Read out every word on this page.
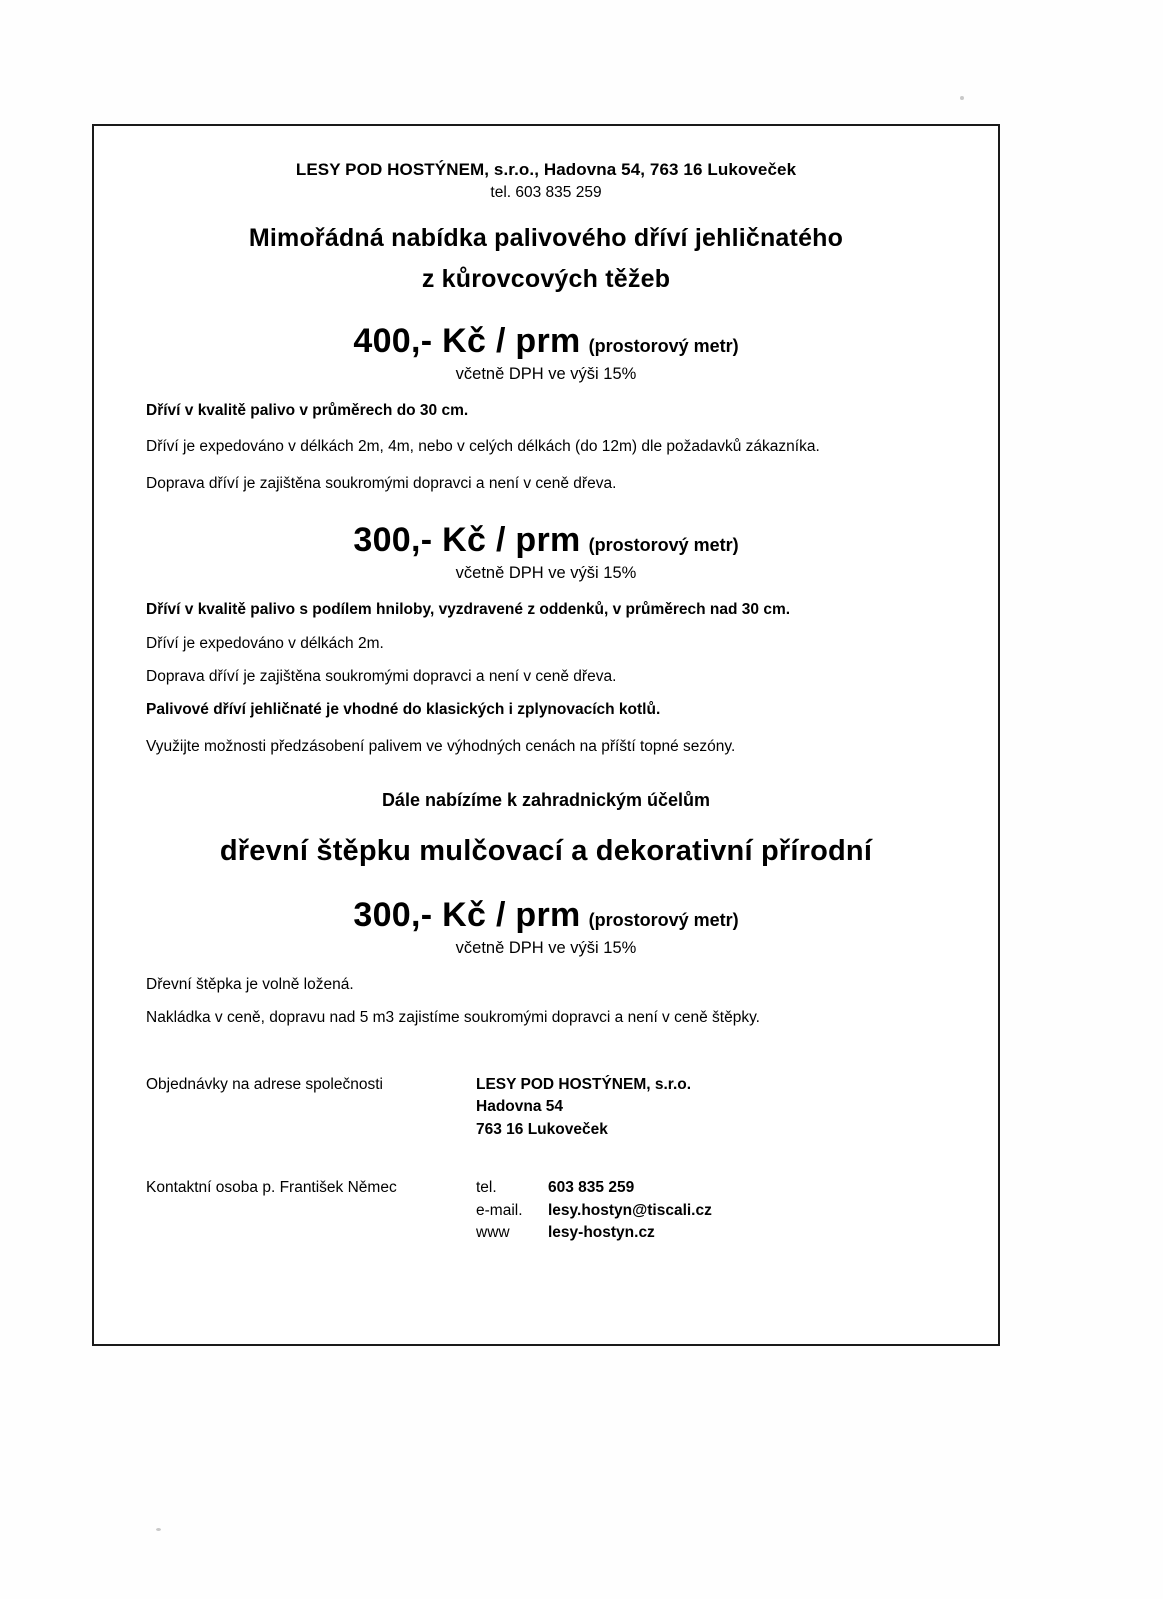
LESY POD HOSTÝNEM, s.r.o., Hadovna 54, 763 16 Lukoveček
tel. 603 835 259
Mimořádná nabídka palivového dříví jehličnatého
z kůrovcových těžeb
400,- Kč / prm (prostorový metr)
včetně DPH ve výši 15%
Dříví v kvalitě palivo v průměrech do 30 cm.
Dříví je expedováno v délkách 2m, 4m, nebo v celých délkách (do 12m) dle požadavků zákazníka.
Doprava dříví je zajištěna soukromými dopravci a není v ceně dřeva.
300,- Kč / prm (prostorový metr)
včetně DPH ve výši 15%
Dříví v kvalitě palivo s podílem hniloby, vyzdravené z oddenků, v průměrech nad 30 cm.
Dříví je expedováno v délkách 2m.
Doprava dříví je zajištěna soukromými dopravci a není v ceně dřeva.
Palivové dříví jehličnaté je vhodné do klasických i zplynovacích kotlů.
Využijte možnosti předzásobení palivem ve výhodných cenách na příští topné sezóny.
Dále nabízíme k zahradnickým účelům
dřevní štěpku mulčovací a dekorativní přírodní
300,- Kč / prm (prostorový metr)
včetně DPH ve výši 15%
Dřevní štěpka je volně ložená.
Nakládka v ceně, dopravu nad 5 m3 zajistíme soukromými dopravci a není v ceně štěpky.
Objednávky na adrese společnosti	LESY POD HOSTÝNEM, s.r.o.
Hadovna 54
763 16 Lukoveček
Kontaktní osoba p. František Němec	tel.	603 835 259
e-mail.	lesy.hostyn@tiscali.cz
www	lesy-hostyn.cz
